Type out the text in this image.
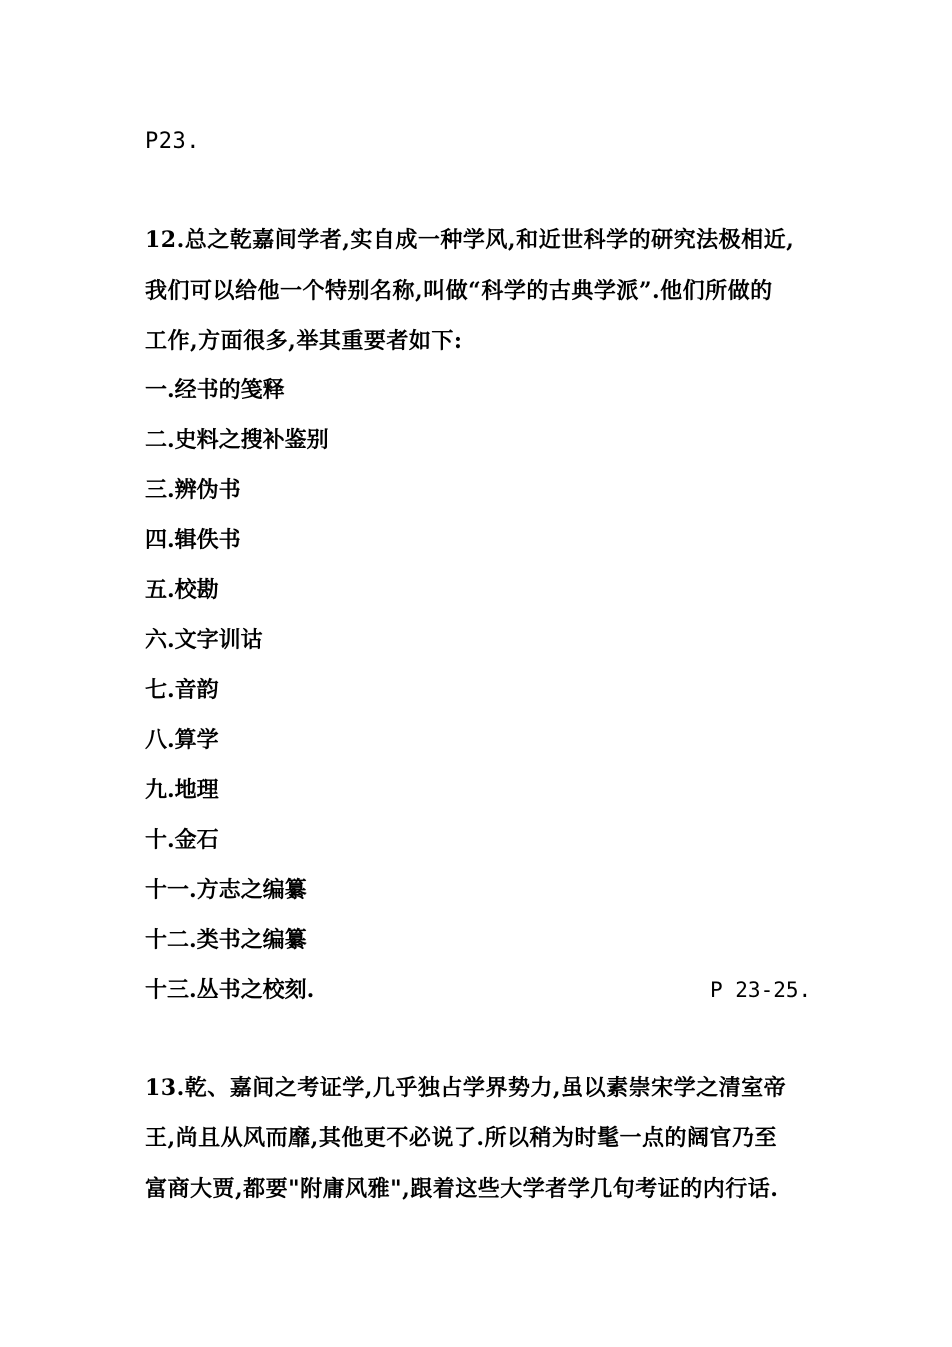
P23.
12.总之乾嘉间学者,实自成一种学风,和近世科学的研究法极相近,
我们可以给他一个特别名称,叫做“科学的古典学派”.他们所做的
工作,方面很多,举其重要者如下:
一.经书的笺释
二.史料之搜补鉴别
三.辨伪书
四.辑佚书
五.校勘
六.文字训诂
七.音韵
八.算学
九.地理
十.金石
十一.方志之编纂
十二.类书之编纂
十三.丛书之校刻.	P 23-25.
13.乾、嘉间之考证学,几乎独占学界势力,虽以素崇宋学之清室帝
王,尚且从风而靡,其他更不必说了.所以稍为时髦一点的阔官乃至
富商大贾,都要"附庸风雅",跟着这些大学者学几句考证的内行话.
